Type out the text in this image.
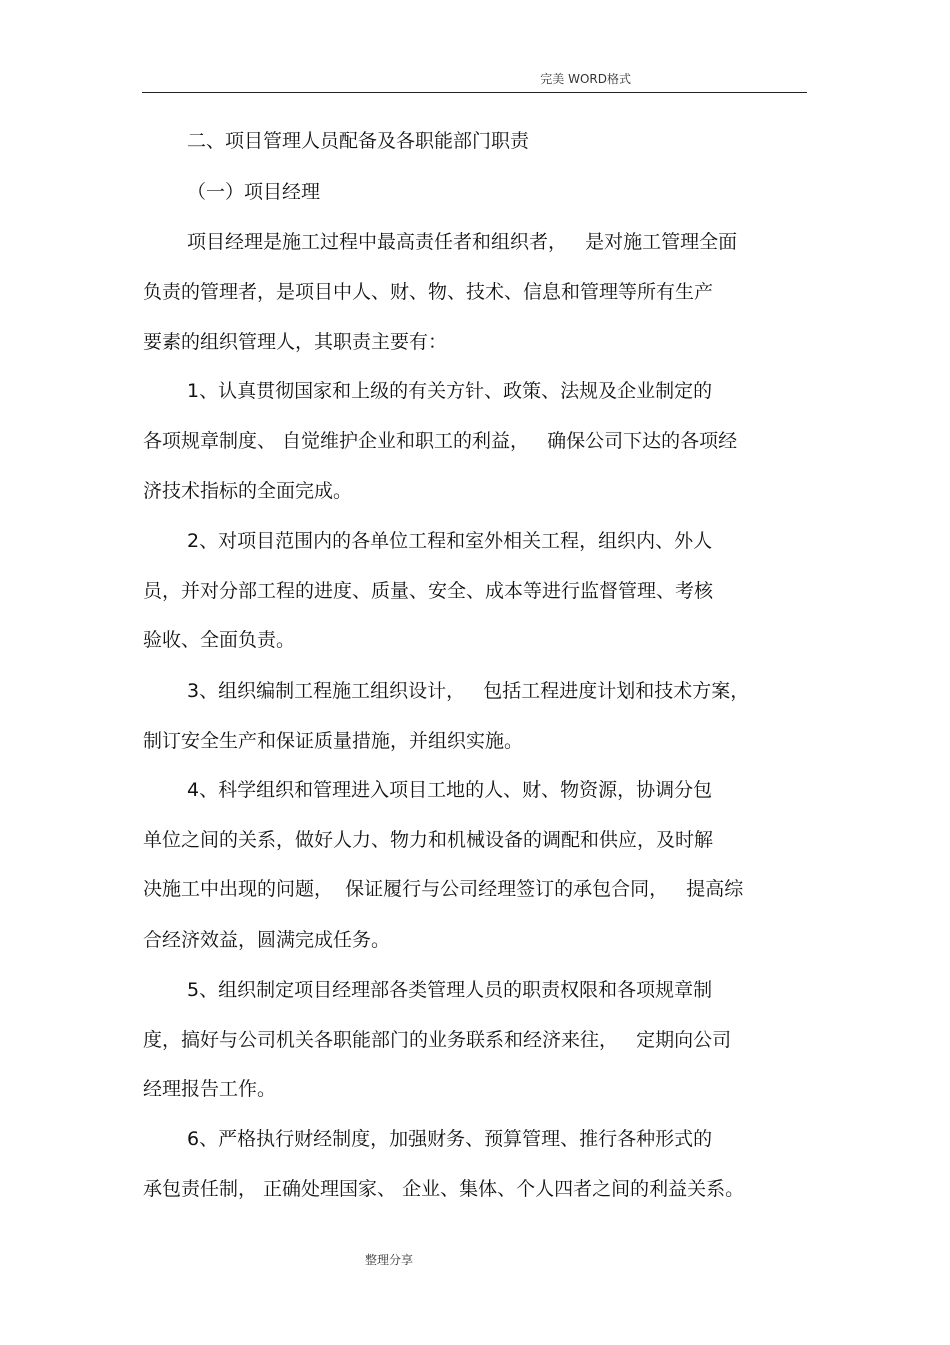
完美 WORD格式
二、项目管理人员配备及各职能部门职责
（一）项目经理
项目经理是施工过程中最高责任者和组织者，   是对施工管理全面
负责的管理者，是项目中人、财、物、技术、信息和管理等所有生产
要素的组织管理人，其职责主要有：
1、认真贯彻国家和上级的有关方针、政策、法规及企业制定的
各项规章制度、 自觉维护企业和职工的利益，   确保公司下达的各项经
济技术指标的全面完成。
2、对项目范围内的各单位工程和室外相关工程，组织内、外人
员，并对分部工程的进度、质量、安全、成本等进行监督管理、考核
验收、全面负责。
3、组织编制工程施工组织设计，   包括工程进度计划和技术方案，
制订安全生产和保证质量措施，并组织实施。
4、科学组织和管理进入项目工地的人、财、物资源，协调分包
单位之间的关系，做好人力、物力和机械设备的调配和供应，及时解
决施工中出现的问题，  保证履行与公司经理签订的承包合同，   提高综
合经济效益，圆满完成任务。
5、组织制定项目经理部各类管理人员的职责权限和各项规章制
度，搞好与公司机关各职能部门的业务联系和经济来往，   定期向公司
经理报告工作。
6、严格执行财经制度，加强财务、预算管理、推行各种形式的
承包责任制， 正确处理国家、 企业、集体、个人四者之间的利益关系。
整理分享
